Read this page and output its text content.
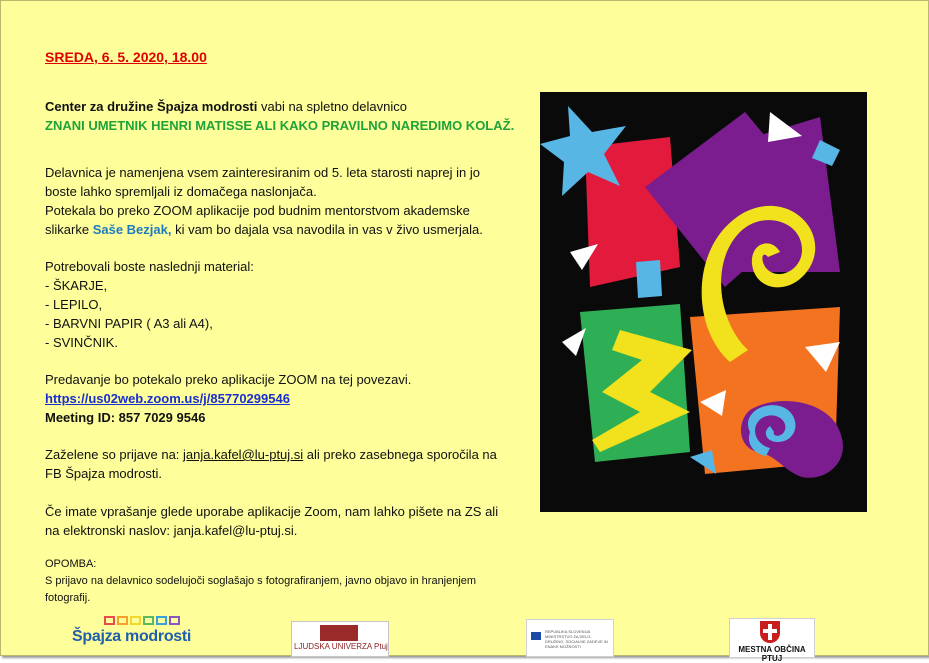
SREDA, 6. 5. 2020, 18.00
Center za družine Špajza modrosti vabi na spletno delavnico
ZNANI UMETNIK HENRI MATISSE ALI KAKO PRAVILNO NAREDIMO KOLAŽ.
Delavnica je namenjena vsem zainteresiranim od 5. leta starosti naprej in jo
boste lahko spremljali iz domačega naslonjača.
Potekala bo preko ZOOM aplikacije pod budnim mentorstvom akademske
slikarke Saše Bezjak, ki vam bo dajala vsa navodila in vas v živo usmerjala.
Potrebovali boste naslednji material:
- ŠKARJE,
- LEPILO,
- BARVNI PAPIR ( A3 ali A4),
- SVINČNIK.
Predavanje bo potekalo preko aplikacije ZOOM na tej povezavi.
https://us02web.zoom.us/j/85770299546
Meeting ID: 857 7029 9546
Zaželene so prijave na: janja.kafel@lu-ptuj.si ali preko zasebnega sporočila na
FB Špajza modrosti.
Če imate vprašanje glede uporabe aplikacije Zoom, nam lahko pišete na ZS ali
na elektronski naslov: janja.kafel@lu-ptuj.si.
OPOMBA:
S prijavo na delavnico sodelujoči soglašajo s fotografiranjem, javno objavo in hranjenjem
fotografij.
Špajza modrosti
LJUDSKA UNIVERZA Ptuj
REPUBLIKA SLOVENIJA MINISTRSTVO ZA DELO, DRUŽINO, SOCIALNE ZADEVE IN ENAKE MOŽNOSTI	MESTNA OBČINA PTUJ
